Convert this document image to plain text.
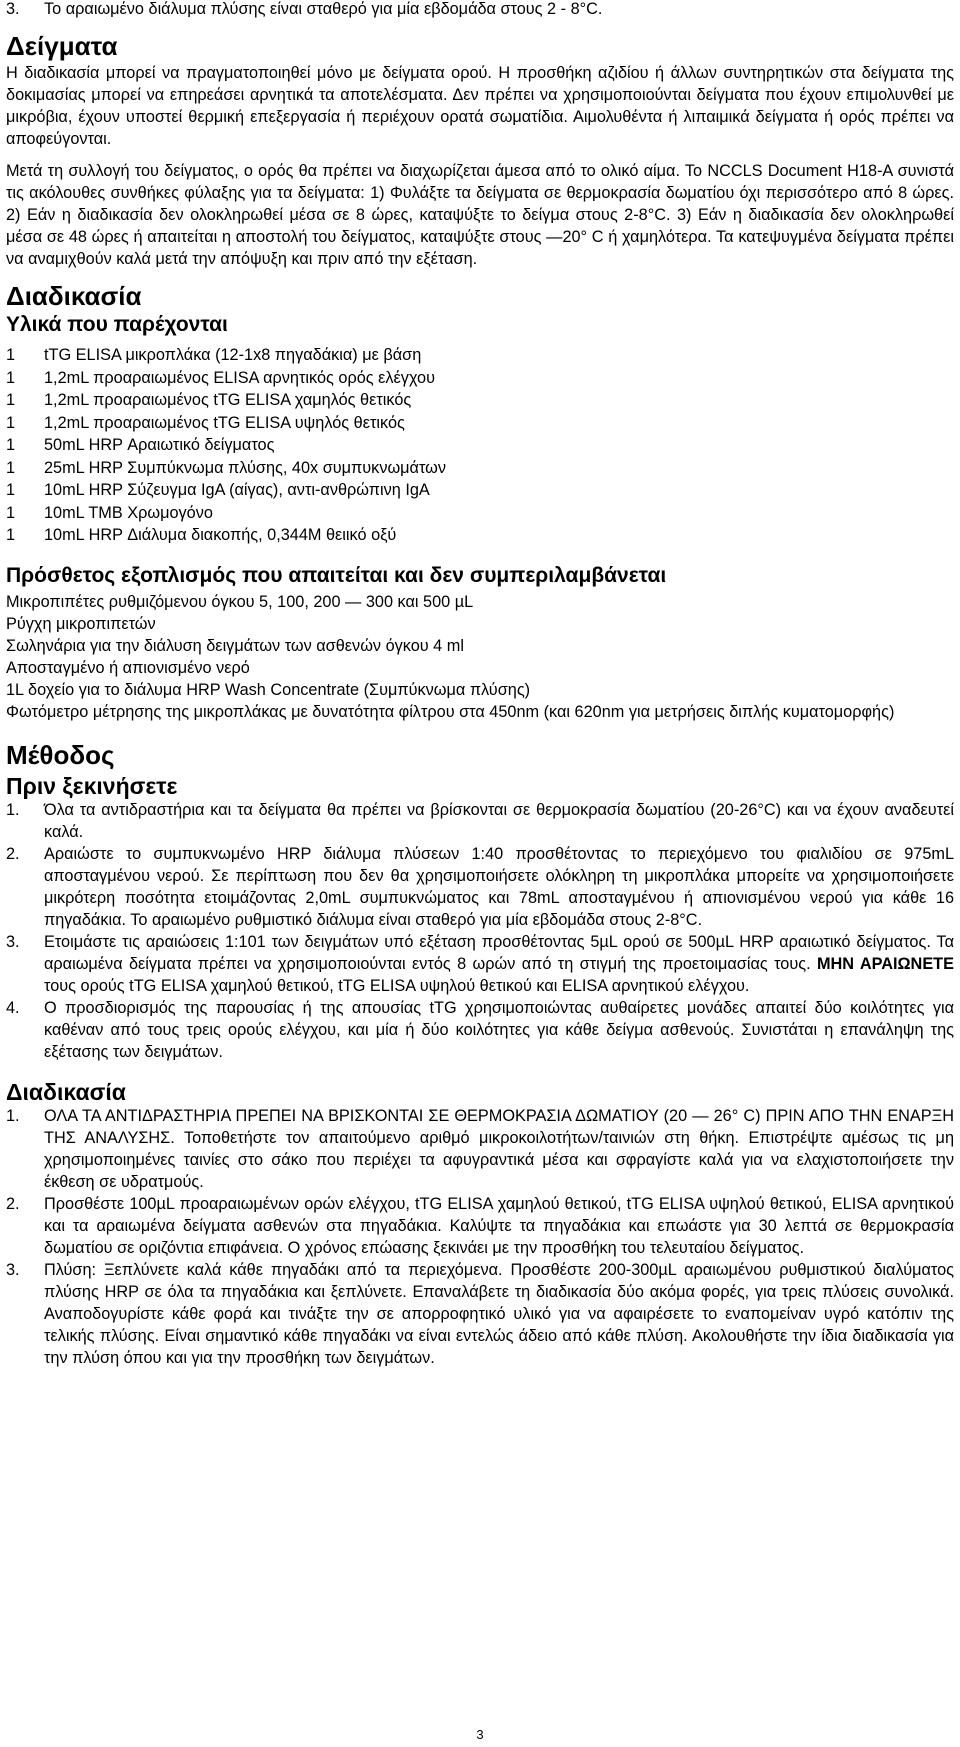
3.	Το αραιωμένο διάλυμα πλύσης είναι σταθερό για μία εβδομάδα στους 2 - 8°C.
Δείγματα

Η διαδικασία μπορεί να πραγματοποιηθεί μόνο με δείγματα ορού. Η προσθήκη αζιδίου ή άλλων συντηρητικών στα δείγματα της δοκιμασίας μπορεί να επηρεάσει αρνητικά τα αποτελέσματα. Δεν πρέπει να χρησιμοποιούνται δείγματα που έχουν επιμολυνθεί με μικρόβια, έχουν υποστεί θερμική επεξεργασία ή περιέχουν ορατά σωματίδια. Αιμολυθέντα ή λιπαιμικά δείγματα ή ορός πρέπει να αποφεύγονται.

Μετά τη συλλογή του δείγματος, ο ορός θα πρέπει να διαχωρίζεται άμεσα από το ολικό αίμα. Το NCCLS Document H18-A συνιστά τις ακόλουθες συνθήκες φύλαξης για τα δείγματα: 1) Φυλάξτε τα δείγματα σε θερμοκρασία δωματίου όχι περισσότερο από 8 ώρες. 2) Εάν η διαδικασία δεν ολοκληρωθεί μέσα σε 8 ώρες, καταψύξτε το δείγμα στους 2-8°C. 3) Εάν η διαδικασία δεν ολοκληρωθεί μέσα σε 48 ώρες ή απαιτείται η αποστολή του δείγματος, καταψύξτε στους —20° C ή χαμηλότερα. Τα κατεψυγμένα δείγματα πρέπει να αναμιχθούν καλά μετά την απόψυξη και πριν από την εξέταση.

Διαδικασία
Υλικά που παρέχονται
1	tTG ELISA μικροπλάκα (12-1x8 πηγαδάκια) με βάση
1	1,2mL προαραιωμένος ELISA αρνητικός ορός ελέγχου
1	1,2mL προαραιωμένος tTG ELISA χαμηλός θετικός
1	1,2mL προαραιωμένος tTG ELISA υψηλός θετικός
1	50mL HRP Αραιωτικό δείγματος
1	25mL HRP Συμπύκνωμα πλύσης, 40x συμπυκνωμάτων
1	10mL HRP Σύζευγμα IgA (αίγας), αντι-ανθρώπινη IgA
1	10mL TMB Χρωμογόνο
1	10mL HRP Διάλυμα διακοπής, 0,344M θειικό οξύ
Πρόσθετος εξοπλισμός που απαιτείται και δεν συμπεριλαμβάνεται

Μικροπιπέτες ρυθμιζόμενου όγκου 5, 100, 200 — 300 και 500 µL

Ρύγχη μικροπιπετών

Σωληνάρια για την διάλυση δειγμάτων των ασθενών όγκου 4 ml

Αποσταγμένο ή απιονισμένο νερό

1L δοχείο για το διάλυμα HRP Wash Concentrate (Συμπύκνωμα πλύσης)

Φωτόμετρο μέτρησης της μικροπλάκας με δυνατότητα φίλτρου στα 450nm (και 620nm για μετρήσεις διπλής κυματομορφής)

Μέθοδος
Πριν ξεκινήσετε
1.	Όλα τα αντιδραστήρια και τα δείγματα θα πρέπει να βρίσκονται σε θερμοκρασία δωματίου (20-26°C) και να έχουν αναδευτεί καλά.
2.	Αραιώστε το συμπυκνωμένο HRP διάλυμα πλύσεων 1:40 προσθέτοντας το περιεχόμενο του φιαλιδίου σε 975mL αποσταγμένου νερού. Σε περίπτωση που δεν θα χρησιμοποιήσετε ολόκληρη τη μικροπλάκα μπορείτε να χρησιμοποιήσετε μικρότερη ποσότητα ετοιμάζοντας 2,0mL συμπυκνώματος και 78mL αποσταγμένου ή απιονισμένου νερού για κάθε 16 πηγαδάκια. Το αραιωμένο ρυθμιστικό διάλυμα είναι σταθερό για μία εβδομάδα στους 2-8°C.
3.	Ετοιμάστε τις αραιώσεις 1:101 των δειγμάτων υπό εξέταση προσθέτοντας 5µL ορού σε 500µL HRP αραιωτικό δείγματος. Τα αραιωμένα δείγματα πρέπει να χρησιμοποιούνται εντός 8 ωρών από τη στιγμή της προετοιμασίας τους. ΜΗΝ ΑΡΑΙΩΝΕΤΕ τους ορούς tTG ELISA χαμηλού θετικού, tTG ELISA υψηλού θετικού και ELISA αρνητικού ελέγχου.
4.	Ο προσδιορισμός της παρουσίας ή της απουσίας tTG χρησιμοποιώντας αυθαίρετες μονάδες απαιτεί δύο κοιλότητες για καθέναν από τους τρεις ορούς ελέγχου, και μία ή δύο κοιλότητες για κάθε δείγμα ασθενούς. Συνιστάται η επανάληψη της εξέτασης των δειγμάτων.
Διαδικασία
1.	ΟΛΑ ΤΑ ΑΝΤΙΔΡΑΣΤΗΡΙΑ ΠΡΕΠΕΙ ΝΑ ΒΡΙΣΚΟΝΤΑΙ ΣΕ ΘΕΡΜΟΚΡΑΣΙΑ ΔΩΜΑΤΙΟΥ (20 — 26° C) ΠΡΙΝ ΑΠΟ ΤΗΝ ΕΝΑΡΞΗ ΤΗΣ ΑΝΑΛΥΣΗΣ. Τοποθετήστε τον απαιτούμενο αριθμό μικροκοιλοτήτων/ταινιών στη θήκη. Επιστρέψτε αμέσως τις μη χρησιμοποιημένες ταινίες στο σάκο που περιέχει τα αφυγραντικά μέσα και σφραγίστε καλά για να ελαχιστοποιήσετε την έκθεση σε υδρατμούς.
2.	Προσθέστε 100µL προαραιωμένων ορών ελέγχου, tTG ELISA χαμηλού θετικού, tTG ELISA υψηλού θετικού, ELISA αρνητικού και τα αραιωμένα δείγματα ασθενών στα πηγαδάκια. Καλύψτε τα πηγαδάκια και επωάστε για 30 λεπτά σε θερμοκρασία δωματίου σε οριζόντια επιφάνεια. Ο χρόνος επώασης ξεκινάει με την προσθήκη του τελευταίου δείγματος.
3.	Πλύση: Ξεπλύνετε καλά κάθε πηγαδάκι από τα περιεχόμενα. Προσθέστε 200-300µL αραιωμένου ρυθμιστικού διαλύματος πλύσης HRP σε όλα τα πηγαδάκια και ξεπλύνετε. Επαναλάβετε τη διαδικασία δύο ακόμα φορές, για τρεις πλύσεις συνολικά. Αναποδογυρίστε κάθε φορά και τινάξτε την σε απορροφητικό υλικό για να αφαιρέσετε το εναπομείναν υγρό κατόπιν της τελικής πλύσης. Είναι σημαντικό κάθε πηγαδάκι να είναι εντελώς άδειο από κάθε πλύση. Ακολουθήστε την ίδια διαδικασία για την πλύση όπου και για την προσθήκη των δειγμάτων.
3
